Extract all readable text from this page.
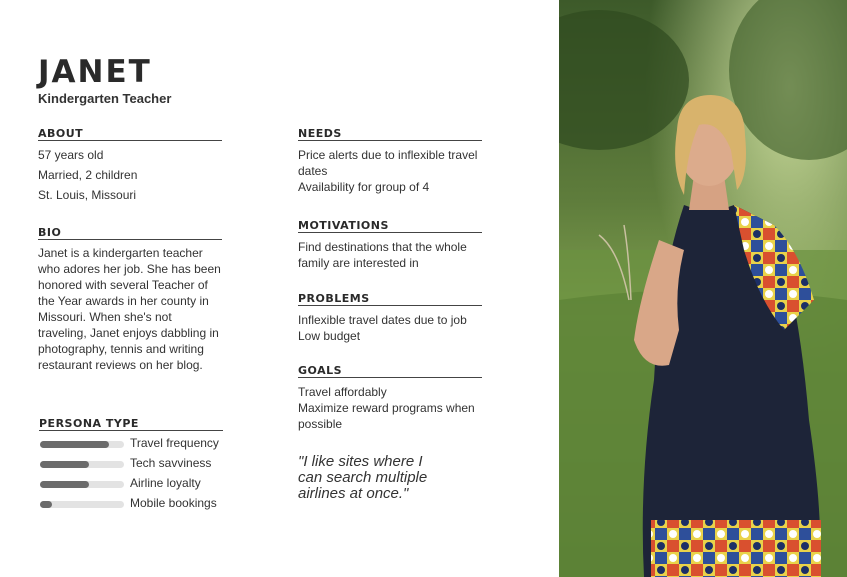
JANET
Kindergarten Teacher
ABOUT
57 years old
Married, 2 children
St. Louis, Missouri
BIO
Janet is a kindergarten teacher who adores her job. She has been honored with several Teacher of the Year awards in her county in Missouri. When she's not traveling, Janet enjoys dabbling in photography, tennis and writing restaurant reviews on her blog.
PERSONA TYPE
Travel frequency
Tech savviness
Airline loyalty
Mobile bookings
NEEDS
Price alerts due to inflexible travel dates
Availability for group of 4
MOTIVATIONS
Find destinations that the whole family are interested in
PROBLEMS
Inflexible travel dates due to job
Low budget
GOALS
Travel affordably
Maximize reward programs when possible
"I like sites where I
can search multiple
airlines at once."
